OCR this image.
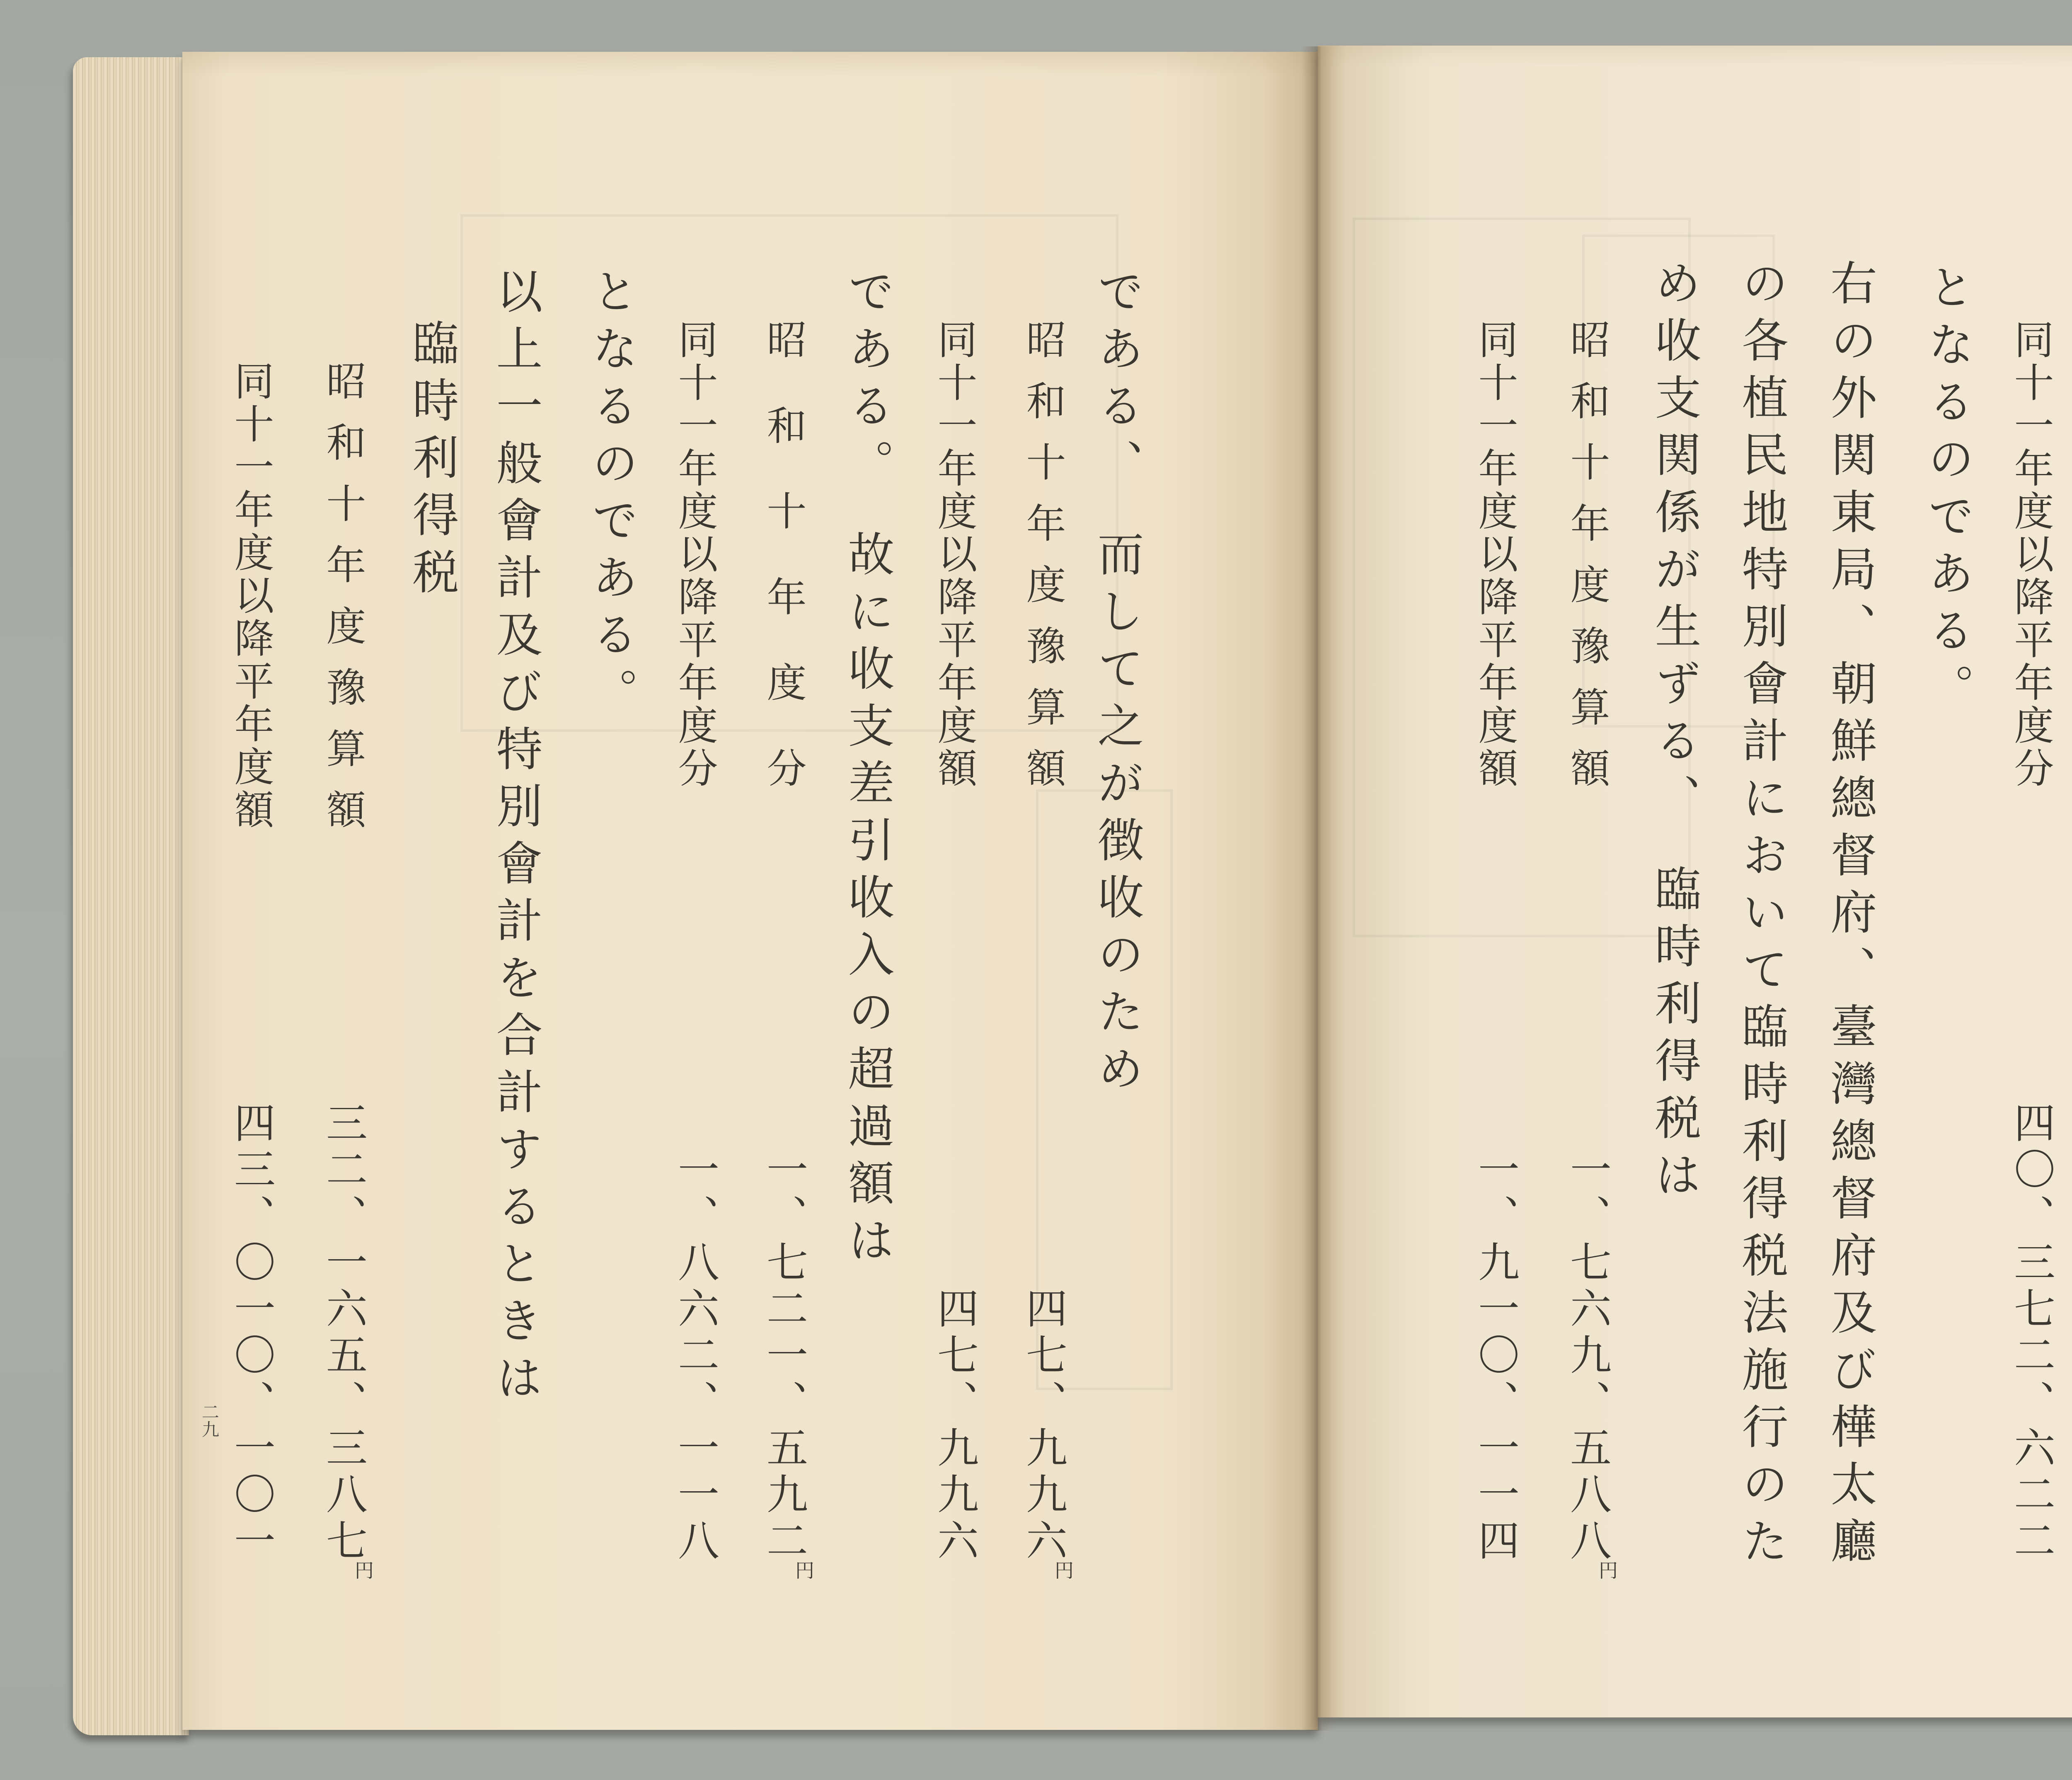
である、　而して之が徴收のため
昭和十年度豫算額
四七、九九六
円
同十一年度以降平年度額
四七、九九六
である。　故に收支差引收入の超過額は
昭和十年度分
一、七二一、五九二
円
同十一年度以降平年度分
一、八六二、一一八
となるのである。
以上一般會計及び特別會計を合計するときは
臨時利得税
昭和十年度豫算額
三二、一六五、三八七
円
同十一年度以降平年度額
四三、〇一〇、一〇一
二九
同十一年度以降平年度分
四〇、三七二、六二二
となるのである。
右の外関東局、朝鮮總督府、臺灣總督府及び樺太廳
の各植民地特別會計において臨時利得税法施行のた
め收支関係が生ずる、　臨時利得税は
昭和十年度豫算額
一、七六九、五八八
円
同十一年度以降平年度額
一、九一〇、一一四
